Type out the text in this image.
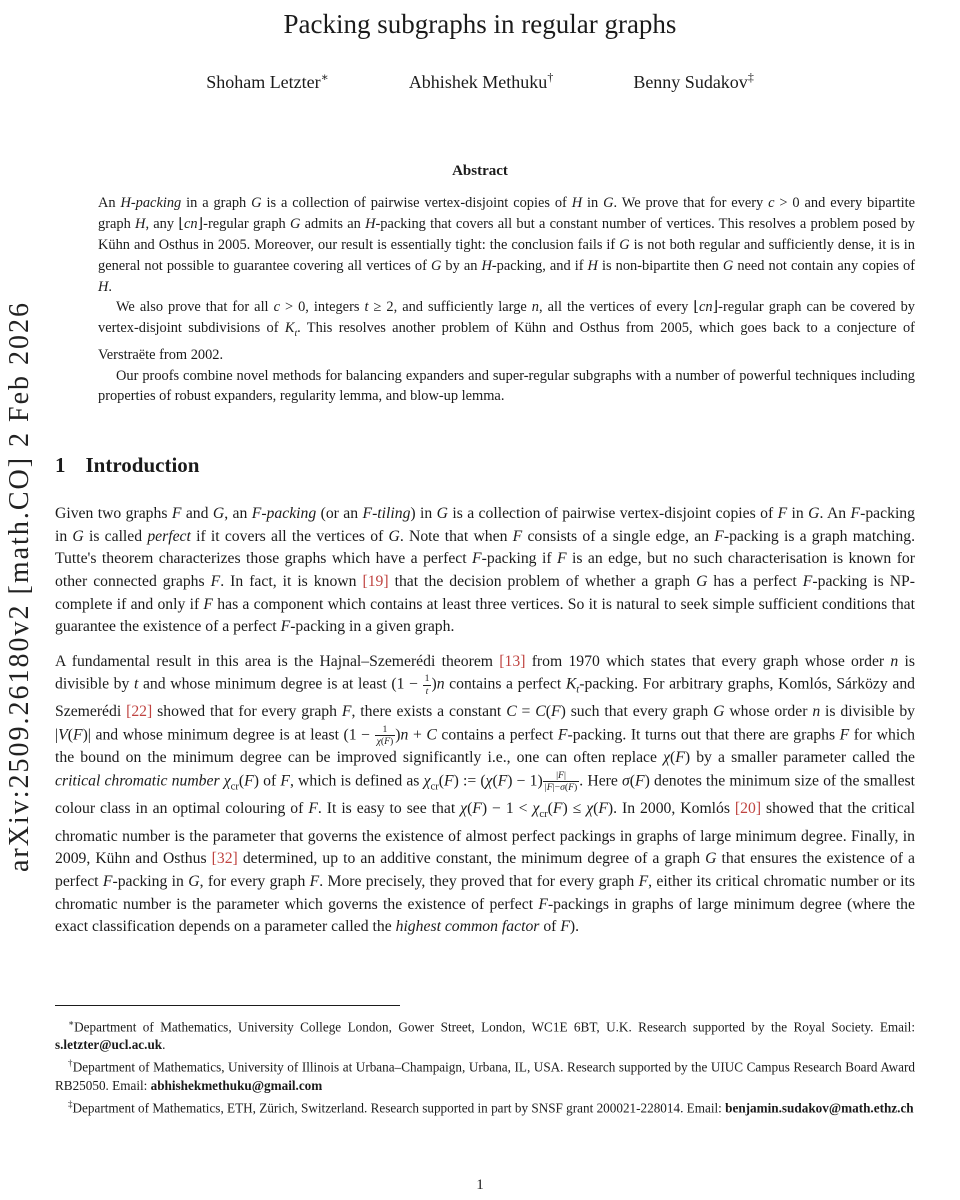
arXiv:2509.26180v2 [math.CO] 2 Feb 2026
Packing subgraphs in regular graphs
Shoham Letzter∗	Abhishek Methuku†	Benny Sudakov‡
Abstract

An H-packing in a graph G is a collection of pairwise vertex-disjoint copies of H in G. We prove that for every c > 0 and every bipartite graph H, any ⌊cn⌋-regular graph G admits an H-packing that covers all but a constant number of vertices. This resolves a problem posed by Kühn and Osthus in 2005. Moreover, our result is essentially tight: the conclusion fails if G is not both regular and sufficiently dense, it is in general not possible to guarantee covering all vertices of G by an H-packing, and if H is non-bipartite then G need not contain any copies of H.

We also prove that for all c > 0, integers t ≥ 2, and sufficiently large n, all the vertices of every ⌊cn⌋-regular graph can be covered by vertex-disjoint subdivisions of $K_t$. This resolves another problem of Kühn and Osthus from 2005, which goes back to a conjecture of Verstraëte from 2002.

Our proofs combine novel methods for balancing expanders and super-regular subgraphs with a number of powerful techniques including properties of robust expanders, regularity lemma, and blow-up lemma.

1 Introduction

Given two graphs F and G, an F-packing (or an F-tiling) in G is a collection of pairwise vertex-disjoint copies of F in G. An F-packing in G is called perfect if it covers all the vertices of G. Note that when F consists of a single edge, an F-packing is a graph matching. Tutte's theorem characterizes those graphs which have a perfect F-packing if F is an edge, but no such characterisation is known for other connected graphs F. In fact, it is known [19] that the decision problem of whether a graph G has a perfect F-packing is NP-complete if and only if F has a component which contains at least three vertices. So it is natural to seek simple sufficient conditions that guarantee the existence of a perfect F-packing in a given graph.

A fundamental result in this area is the Hajnal–Szemerédi theorem [13] from 1970 which states that every graph whose order n is divisible by t and whose minimum degree is at least $(1 - \frac{1}{t} )n$ contains a perfect $K_t$-packing. For arbitrary graphs, Komlós, Sárközy and Szemerédi [22] showed that for every graph F, there exists a constant C = C(F) such that every graph G whose order n is divisible by |V(F)| and whose minimum degree is at least $(1 - \frac{1}{\chi(F)} )n + C$ contains a perfect F-packing. It turns out that there are graphs F for which the bound on the minimum degree can be improved significantly i.e., one can often replace χ(F) by a smaller parameter called the critical chromatic number $\chi_{cr}(F)$ of F, which is defined as $\chi_{cr}(F)$ := $(\chi(F) - 1) \frac{|F|}{|F|-\sigma(F)}$ . Here σ(F) denotes the minimum size of the smallest colour class in an optimal colouring of F. It is easy to see that $\chi(F) - 1 < \chi_{cr}(F) \le \chi(F)$. In 2000, Komlós [20] showed that the critical chromatic number is the parameter that governs the existence of almost perfect packings in graphs of large minimum degree. Finally, in 2009, Kühn and Osthus [32] determined, up to an additive constant, the minimum degree of a graph G that ensures the existence of a perfect F-packing in G, for every graph F. More precisely, they proved that for every graph F, either its critical chromatic number or its chromatic number is the parameter which governs the existence of perfect F-packings in graphs of large minimum degree (where the exact classification depends on a parameter called the highest common factor of F).

∗Department of Mathematics, University College London, Gower Street, London, WC1E 6BT, U.K. Research supported by the Royal Society. Email: s.letzter@ucl.ac.uk.

†Department of Mathematics, University of Illinois at Urbana–Champaign, Urbana, IL, USA. Research supported by the UIUC Campus Research Board Award RB25050. Email: abhishekmethuku@gmail.com

‡Department of Mathematics, ETH, Zürich, Switzerland. Research supported in part by SNSF grant 200021-228014. Email: benjamin.sudakov@math.ethz.ch

1
